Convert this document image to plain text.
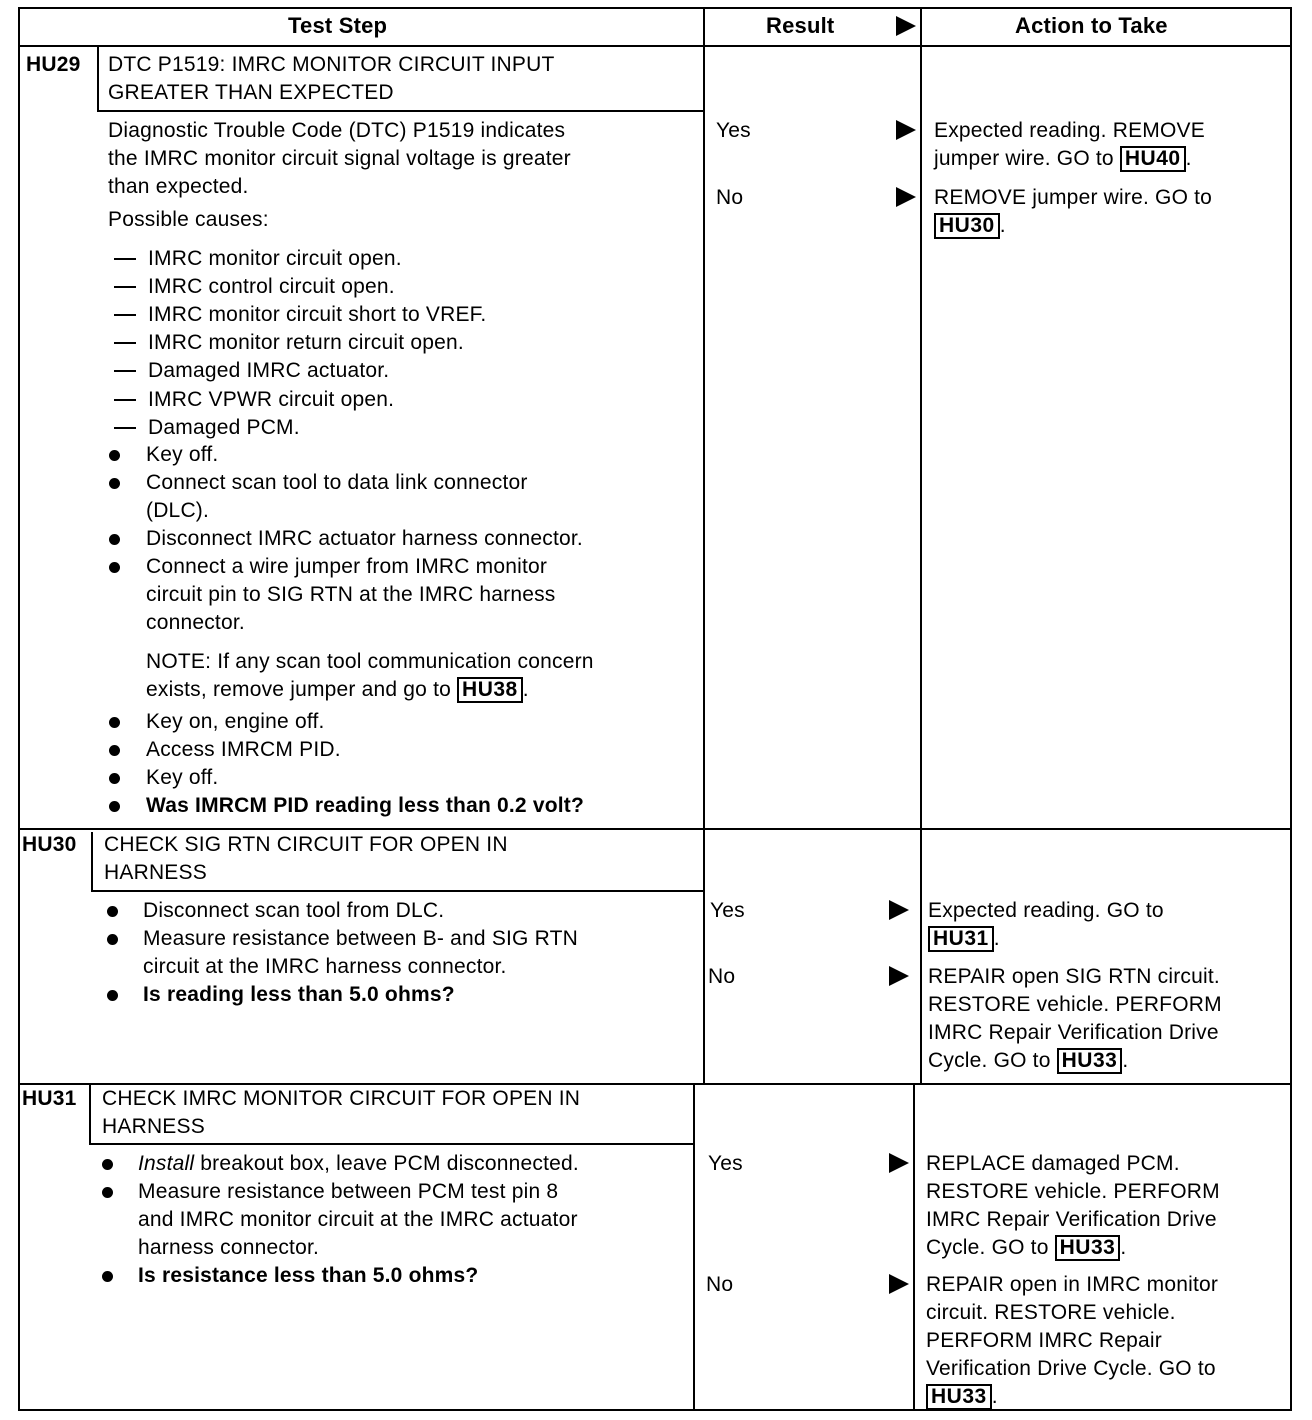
Test Step	Result	Action to Take
HU29 DTC P1519: IMRC MONITOR CIRCUIT INPUT
GREATER THAN EXPECTED
Diagnostic Trouble Code (DTC) P1519 indicates
the IMRC monitor circuit signal voltage is greater
than expected.
Possible causes:
IMRC monitor circuit open.
IMRC control circuit open.
IMRC monitor circuit short to VREF.
IMRC monitor return circuit open.
Damaged IMRC actuator.
IMRC VPWR circuit open.
Damaged PCM.
Key off.
Connect scan tool to data link connector
(DLC).
Disconnect IMRC actuator harness connector.
Connect a wire jumper from IMRC monitor
circuit pin to SIG RTN at the IMRC harness
connector.
NOTE: If any scan tool communication concern
exists, remove jumper and go to HU38 .
Key on, engine off.
Access IMRCM PID.
Key off.
Was IMRCM PID reading less than 0.2 volt?
Yes
No
Expected reading. REMOVE
jumper wire. GO to HU40 .
REMOVE jumper wire. GO to
HU30 .
HU30 CHECK SIG RTN CIRCUIT FOR OPEN IN
HARNESS
Disconnect scan tool from DLC.
Measure resistance between B- and SIG RTN
circuit at the IMRC harness connector.
Is reading less than 5.0 ohms?
Yes
No
Expected reading. GO to
HU31 .
REPAIR open SIG RTN circuit.
RESTORE vehicle. PERFORM
IMRC Repair Verification Drive
Cycle. GO to HU33 .
HU31 CHECK IMRC MONITOR CIRCUIT FOR OPEN IN
HARNESS
Install breakout box, leave PCM disconnected.
Measure resistance between PCM test pin 8
and IMRC monitor circuit at the IMRC actuator
harness connector.
Is resistance less than 5.0 ohms?
Yes
No
REPLACE damaged PCM.
RESTORE vehicle. PERFORM
IMRC Repair Verification Drive
Cycle. GO to HU33 .
REPAIR open in IMRC monitor
circuit. RESTORE vehicle.
PERFORM IMRC Repair
Verification Drive Cycle. GO to
HU33 .
